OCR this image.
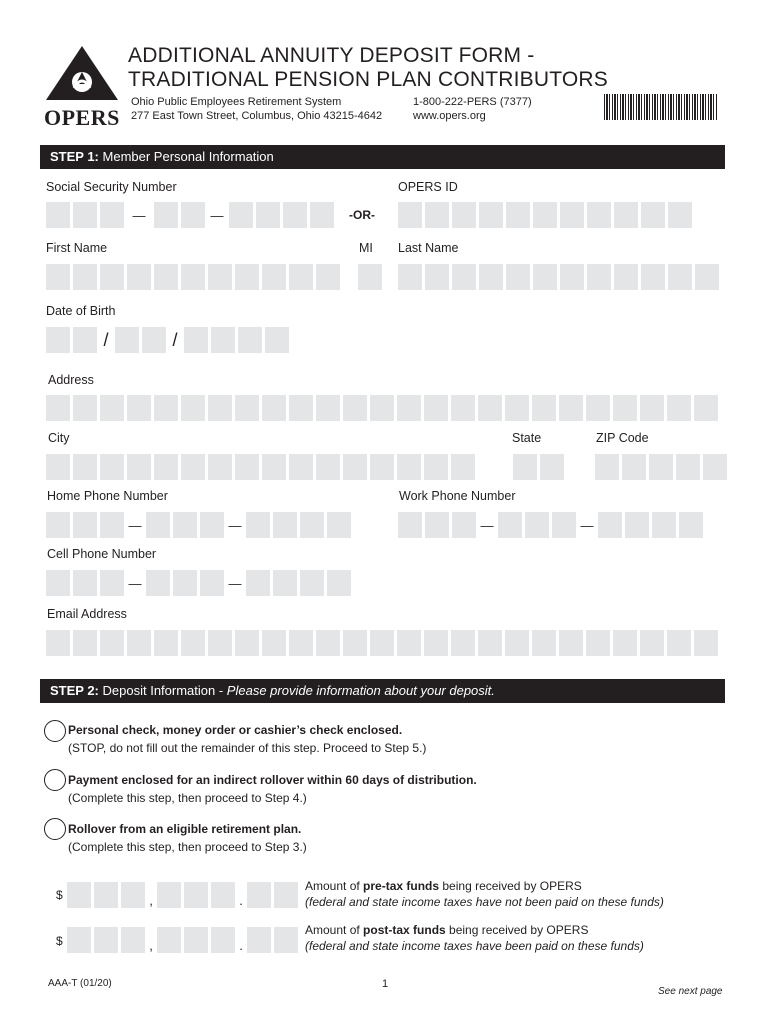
OPERS
ADDITIONAL ANNUITY DEPOSIT FORM -
TRADITIONAL PENSION PLAN CONTRIBUTORS
Ohio Public Employees Retirement System
277 East Town Street, Columbus, Ohio 43215-4642
1-800-222-PERS (7377)
www.opers.org
STEP 1: Member Personal Information
Social Security Number	OPERS ID
—	—	-OR-
First Name	MI Last Name
Date of Birth
/	/
Address
City	State	ZIP Code
Home Phone Number	Work Phone Number
—	—	—	—
Cell Phone Number
—	—
Email Address
STEP 2: Deposit Information - Please provide information about your deposit.
Personal check, money order or cashier’s check enclosed.
(STOP, do not fill out the remainder of this step. Proceed to Step 5.)
Payment enclosed for an indirect rollover within 60 days of distribution.
(Complete this step, then proceed to Step 4.)
Rollover from an eligible retirement plan.
(Complete this step, then proceed to Step 3.)
$	,	.
Amount of pre-tax funds being received by OPERS
(federal and state income taxes have not been paid on these funds)
$	,	.
Amount of post-tax funds being received by OPERS
(federal and state income taxes have been paid on these funds)
AAA-T (01/20)	1
See next page
